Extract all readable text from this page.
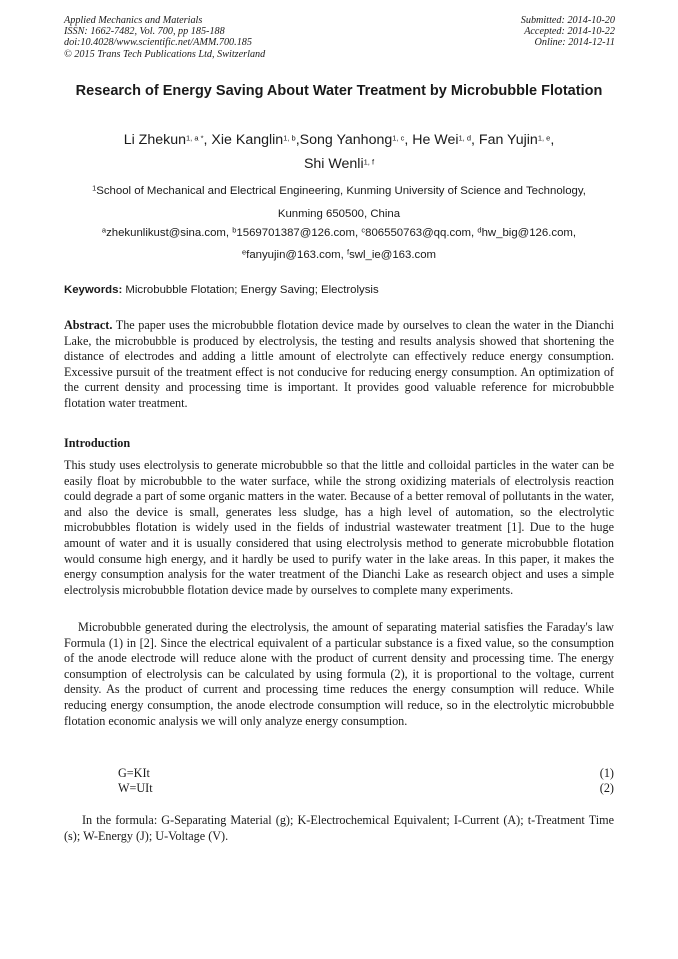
Applied Mechanics and Materials
ISSN: 1662-7482, Vol. 700, pp 185-188
doi:10.4028/www.scientific.net/AMM.700.185
© 2015 Trans Tech Publications Ltd, Switzerland
Submitted: 2014-10-20
Accepted: 2014-10-22
Online: 2014-12-11
Research of Energy Saving About Water Treatment by Microbubble Flotation
Li Zhekun$^{1, a *}$, Xie Kanglin$^{1, b}$,Song Yanhong$^{1, c}$, He Wei$^{1, d}$, Fan Yujin$^{1, e}$,
Shi Wenli$^{1, f}$
$^1$School of Mechanical and Electrical Engineering, Kunming University of Science and Technology,
Kunming 650500, China
$^a$zhekunlikust@sina.com, $^b$1569701387@126.com, $^c$806550763@qq.com, $^d$hw_big@126.com,
$^e$fanyujin@163.com, $^f$swl_ie@163.com
Keywords: Microbubble Flotation; Energy Saving; Electrolysis
Abstract. The paper uses the microbubble flotation device made by ourselves to clean the water in the Dianchi Lake, the microbubble is produced by electrolysis, the testing and results analysis showed that shortening the distance of electrodes and adding a little amount of electrolyte can effectively reduce energy consumption. Excessive pursuit of the treatment effect is not conducive for reducing energy consumption. An optimization of the current density and processing time is important. It provides good valuable reference for microbubble flotation water treatment.
Introduction
This study uses electrolysis to generate microbubble so that the little and colloidal particles in the water can be easily float by microbubble to the water surface, while the strong oxidizing materials of electrolysis reaction could degrade a part of some organic matters in the water. Because of a better removal of pollutants in the water, and also the device is small, generates less sludge, has a high level of automation, so the electrolytic microbubbles flotation is widely used in the fields of industrial wastewater treatment [1]. Due to the huge amount of water and it is usually considered that using electrolysis method to generate microbubble flotation would consume high energy, and it hardly be used to purify water in the lake areas. In this paper, it makes the energy consumption analysis for the water treatment of the Dianchi Lake as research object and uses a simple electrolysis microbubble flotation device made by ourselves to complete many experiments.
Microbubble generated during the electrolysis, the amount of separating material satisfies the Faraday's law Formula (1) in [2]. Since the electrical equivalent of a particular substance is a fixed value, so the consumption of the anode electrode will reduce alone with the product of current density and processing time. The energy consumption of electrolysis can be calculated by using formula (2), it is proportional to the voltage, current density. As the product of current and processing time reduces the energy consumption will reduce. While reducing energy consumption, the anode electrode consumption will reduce, so in the electrolytic microbubble flotation economic analysis we will only analyze energy consumption.
G=KIt	(1)
W=UIt	(2)
In the formula: G-Separating Material (g); K-Electrochemical Equivalent; I-Current (A); t-Treatment Time (s); W-Energy (J); U-Voltage (V).
